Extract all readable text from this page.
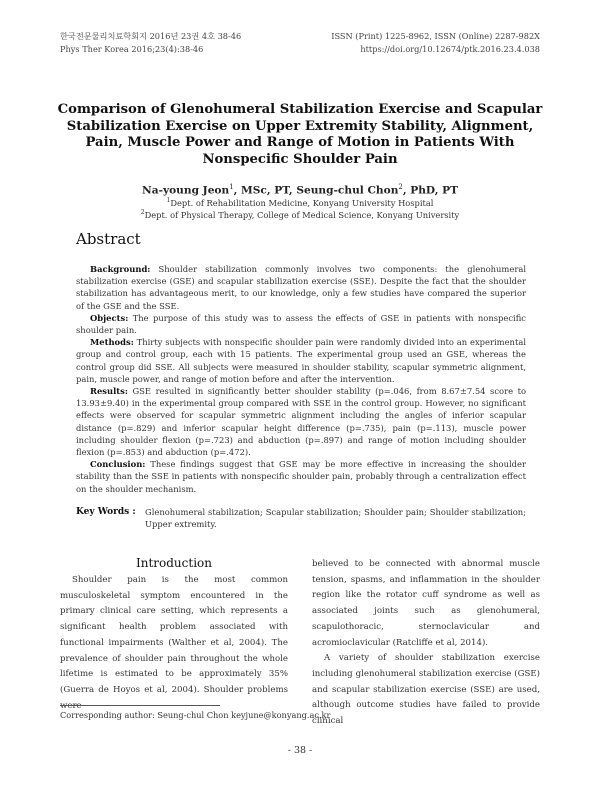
한국전문물리치료학회지 2016년 23권 4호 38-46
Phys Ther Korea 2016;23(4):38-46
ISSN (Print) 1225-8962, ISSN (Online) 2287-982X
https://doi.org/10.12674/ptk.2016.23.4.038
Comparison of Glenohumeral Stabilization Exercise and Scapular
Stabilization Exercise on Upper Extremity Stability, Alignment,
Pain, Muscle Power and Range of Motion in Patients With
Nonspecific Shoulder Pain
Na-young Jeon$^1$, MSc, PT, Seung-chul Chon$^2$, PhD, PT
$^1$Dept. of Rehabilitation Medicine, Konyang University Hospital
$^2$Dept. of Physical Therapy, College of Medical Science, Konyang University
Abstract

Background: Shoulder stabilization commonly involves two components: the glenohumeral stabilization exercise (GSE) and scapular stabilization exercise (SSE). Despite the fact that the shoulder stabilization has advantageous merit, to our knowledge, only a few studies have compared the superior of the GSE and the SSE.

Objects: The purpose of this study was to assess the effects of GSE in patients with nonspecific shoulder pain.

Methods: Thirty subjects with nonspecific shoulder pain were randomly divided into an experimental group and control group, each with 15 patients. The experimental group used an GSE, whereas the control group did SSE. All subjects were measured in shoulder stability, scapular symmetric alignment, pain, muscle power, and range of motion before and after the intervention.

Results: GSE resulted in significantly better shoulder stability (p=.046, from 8.67±7.54 score to 13.93±9.40) in the experimental group compared with SSE in the control group. However, no significant effects were observed for scapular symmetric alignment including the angles of inferior scapular distance (p=.829) and inferior scapular height difference (p=.735), pain (p=.113), muscle power including shoulder flexion (p=.723) and abduction (p=.897) and range of motion including shoulder flexion (p=.853) and abduction (p=.472).

Conclusion: These findings suggest that GSE may be more effective in increasing the shoulder stability than the SSE in patients with nonspecific shoulder pain, probably through a centralization effect on the shoulder mechanism.

Key Words : Glenohumeral stabilization; Scapular stabilization; Shoulder pain; Shoulder stabilization; Upper extremity.
Introduction

Shoulder pain is the most common musculoskeletal symptom encountered in the primary clinical care setting, which represents a significant health problem associated with functional impairments (Walther et al, 2004). The prevalence of shoulder pain throughout the whole lifetime is estimated to be approximately 35% (Guerra de Hoyos et al, 2004). Shoulder problems were

believed to be connected with abnormal muscle tension, spasms, and inflammation in the shoulder region like the rotator cuff syndrome as well as associated joints such as glenohumeral, scapulothoracic, sternoclavicular and acromioclavicular (Ratcliffe et al, 2014).

A variety of shoulder stabilization exercise including glenohumeral stabilization exercise (GSE) and scapular stabilization exercise (SSE) are used, although outcome studies have failed to provide clinical

Corresponding author: Seung-chul Chon keyjune@konyang.ac.kr
- 38 -
